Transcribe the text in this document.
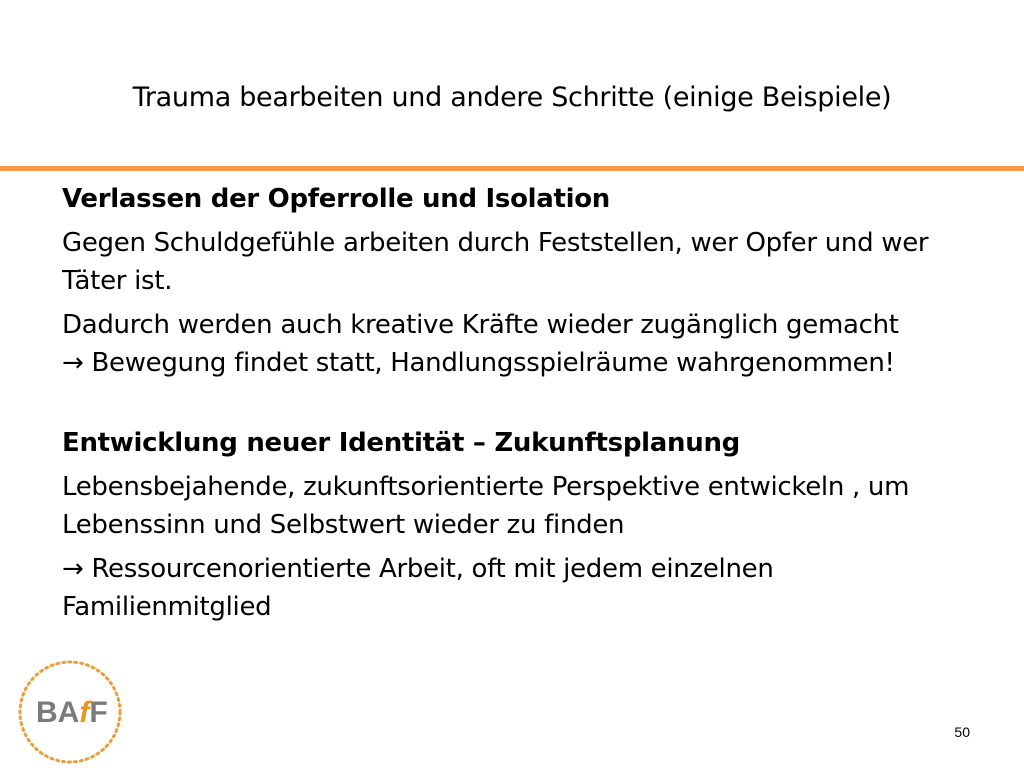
Trauma bearbeiten und andere Schritte (einige Beispiele)

Verlassen der Opferrolle und Isolation

Gegen Schuldgefühle arbeiten durch Feststellen, wer Opfer und wer Täter ist.

Dadurch werden auch kreative Kräfte wieder zugänglich gemacht
→ Bewegung findet statt, Handlungsspielräume wahrgenommen!

Entwicklung neuer Identität – Zukunftsplanung

Lebensbejahende, zukunftsorientierte Perspektive entwickeln , um Lebenssinn und Selbstwert wieder zu finden

→ Ressourcenorientierte Arbeit, oft mit jedem einzelnen Familienmitglied

BAfF
50
